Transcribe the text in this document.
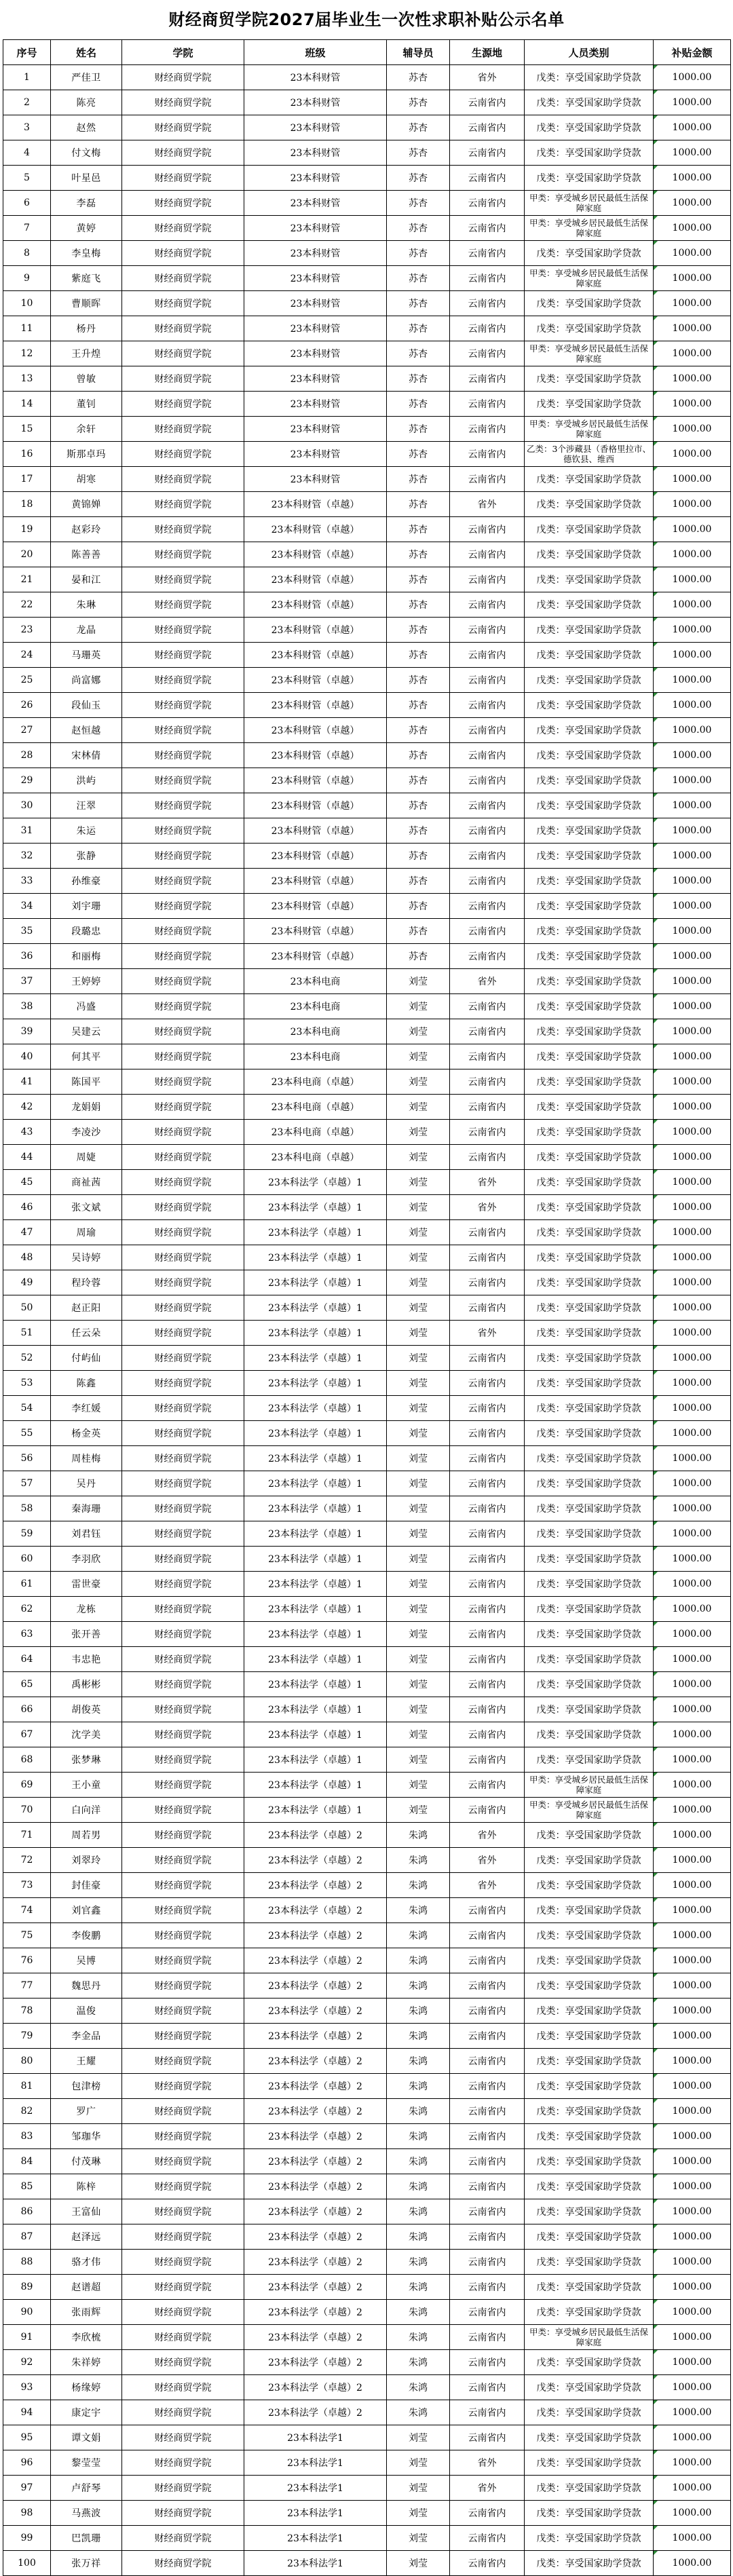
财经商贸学院2027届毕业生一次性求职补贴公示名单
序号	姓名	学院	班级	辅导员	生源地	人员类别	补贴金额
1	严佳卫	财经商贸学院	23本科财管	苏杏	省外	戊类：享受国家助学贷款	1000.00
2	陈亮	财经商贸学院	23本科财管	苏杏	云南省内	戊类：享受国家助学贷款	1000.00
3	赵然	财经商贸学院	23本科财管	苏杏	云南省内	戊类：享受国家助学贷款	1000.00
4	付文梅	财经商贸学院	23本科财管	苏杏	云南省内	戊类：享受国家助学贷款	1000.00
5	叶星邑	财经商贸学院	23本科财管	苏杏	云南省内	戊类：享受国家助学贷款	1000.00
6	李磊	财经商贸学院	23本科财管	苏杏	云南省内	甲类：享受城乡居民最低生活保障家庭	1000.00
7	黄婷	财经商贸学院	23本科财管	苏杏	云南省内	甲类：享受城乡居民最低生活保障家庭	1000.00
8	李皇梅	财经商贸学院	23本科财管	苏杏	云南省内	戊类：享受国家助学贷款	1000.00
9	紫庭飞	财经商贸学院	23本科财管	苏杏	云南省内	甲类：享受城乡居民最低生活保障家庭	1000.00
10	曹顺晖	财经商贸学院	23本科财管	苏杏	云南省内	戊类：享受国家助学贷款	1000.00
11	杨丹	财经商贸学院	23本科财管	苏杏	云南省内	戊类：享受国家助学贷款	1000.00
12	王升煌	财经商贸学院	23本科财管	苏杏	云南省内	甲类：享受城乡居民最低生活保障家庭	1000.00
13	曾敏	财经商贸学院	23本科财管	苏杏	云南省内	戊类：享受国家助学贷款	1000.00
14	董钊	财经商贸学院	23本科财管	苏杏	云南省内	戊类：享受国家助学贷款	1000.00
15	余轩	财经商贸学院	23本科财管	苏杏	云南省内	甲类：享受城乡居民最低生活保障家庭	1000.00
16	斯那卓玛	财经商贸学院	23本科财管	苏杏	云南省内	乙类：3个涉藏县（香格里拉市、德钦县、维西	1000.00
17	胡寒	财经商贸学院	23本科财管	苏杏	云南省内	戊类：享受国家助学贷款	1000.00
18	黄锦婵	财经商贸学院	23本科财管（卓越）	苏杏	省外	戊类：享受国家助学贷款	1000.00
19	赵彩玲	财经商贸学院	23本科财管（卓越）	苏杏	云南省内	戊类：享受国家助学贷款	1000.00
20	陈善善	财经商贸学院	23本科财管（卓越）	苏杏	云南省内	戊类：享受国家助学贷款	1000.00
21	晏和江	财经商贸学院	23本科财管（卓越）	苏杏	云南省内	戊类：享受国家助学贷款	1000.00
22	朱琳	财经商贸学院	23本科财管（卓越）	苏杏	云南省内	戊类：享受国家助学贷款	1000.00
23	龙晶	财经商贸学院	23本科财管（卓越）	苏杏	云南省内	戊类：享受国家助学贷款	1000.00
24	马珊英	财经商贸学院	23本科财管（卓越）	苏杏	云南省内	戊类：享受国家助学贷款	1000.00
25	尚富娜	财经商贸学院	23本科财管（卓越）	苏杏	云南省内	戊类：享受国家助学贷款	1000.00
26	段仙玉	财经商贸学院	23本科财管（卓越）	苏杏	云南省内	戊类：享受国家助学贷款	1000.00
27	赵恒越	财经商贸学院	23本科财管（卓越）	苏杏	云南省内	戊类：享受国家助学贷款	1000.00
28	宋林倩	财经商贸学院	23本科财管（卓越）	苏杏	云南省内	戊类：享受国家助学贷款	1000.00
29	洪屿	财经商贸学院	23本科财管（卓越）	苏杏	云南省内	戊类：享受国家助学贷款	1000.00
30	汪翠	财经商贸学院	23本科财管（卓越）	苏杏	云南省内	戊类：享受国家助学贷款	1000.00
31	朱运	财经商贸学院	23本科财管（卓越）	苏杏	云南省内	戊类：享受国家助学贷款	1000.00
32	张静	财经商贸学院	23本科财管（卓越）	苏杏	云南省内	戊类：享受国家助学贷款	1000.00
33	孙维豪	财经商贸学院	23本科财管（卓越）	苏杏	云南省内	戊类：享受国家助学贷款	1000.00
34	刘宇珊	财经商贸学院	23本科财管（卓越）	苏杏	云南省内	戊类：享受国家助学贷款	1000.00
35	段璐忠	财经商贸学院	23本科财管（卓越）	苏杏	云南省内	戊类：享受国家助学贷款	1000.00
36	和丽梅	财经商贸学院	23本科财管（卓越）	苏杏	云南省内	戊类：享受国家助学贷款	1000.00
37	王婷婷	财经商贸学院	23本科电商	刘莹	省外	戊类：享受国家助学贷款	1000.00
38	冯盛	财经商贸学院	23本科电商	刘莹	云南省内	戊类：享受国家助学贷款	1000.00
39	吴建云	财经商贸学院	23本科电商	刘莹	云南省内	戊类：享受国家助学贷款	1000.00
40	何其平	财经商贸学院	23本科电商	刘莹	云南省内	戊类：享受国家助学贷款	1000.00
41	陈国平	财经商贸学院	23本科电商（卓越）	刘莹	云南省内	戊类：享受国家助学贷款	1000.00
42	龙娟娟	财经商贸学院	23本科电商（卓越）	刘莹	云南省内	戊类：享受国家助学贷款	1000.00
43	李凌沙	财经商贸学院	23本科电商（卓越）	刘莹	云南省内	戊类：享受国家助学贷款	1000.00
44	周婕	财经商贸学院	23本科电商（卓越）	刘莹	云南省内	戊类：享受国家助学贷款	1000.00
45	商祉茜	财经商贸学院	23本科法学（卓越）1	刘莹	省外	戊类：享受国家助学贷款	1000.00
46	张文斌	财经商贸学院	23本科法学（卓越）1	刘莹	省外	戊类：享受国家助学贷款	1000.00
47	周瑜	财经商贸学院	23本科法学（卓越）1	刘莹	云南省内	戊类：享受国家助学贷款	1000.00
48	吴诗婷	财经商贸学院	23本科法学（卓越）1	刘莹	云南省内	戊类：享受国家助学贷款	1000.00
49	程玲蓉	财经商贸学院	23本科法学（卓越）1	刘莹	云南省内	戊类：享受国家助学贷款	1000.00
50	赵正阳	财经商贸学院	23本科法学（卓越）1	刘莹	云南省内	戊类：享受国家助学贷款	1000.00
51	任云朵	财经商贸学院	23本科法学（卓越）1	刘莹	省外	戊类：享受国家助学贷款	1000.00
52	付屿仙	财经商贸学院	23本科法学（卓越）1	刘莹	云南省内	戊类：享受国家助学贷款	1000.00
53	陈鑫	财经商贸学院	23本科法学（卓越）1	刘莹	云南省内	戊类：享受国家助学贷款	1000.00
54	李红媛	财经商贸学院	23本科法学（卓越）1	刘莹	云南省内	戊类：享受国家助学贷款	1000.00
55	杨金英	财经商贸学院	23本科法学（卓越）1	刘莹	云南省内	戊类：享受国家助学贷款	1000.00
56	周桂梅	财经商贸学院	23本科法学（卓越）1	刘莹	云南省内	戊类：享受国家助学贷款	1000.00
57	吴丹	财经商贸学院	23本科法学（卓越）1	刘莹	云南省内	戊类：享受国家助学贷款	1000.00
58	秦海珊	财经商贸学院	23本科法学（卓越）1	刘莹	云南省内	戊类：享受国家助学贷款	1000.00
59	刘君钰	财经商贸学院	23本科法学（卓越）1	刘莹	云南省内	戊类：享受国家助学贷款	1000.00
60	李羽欣	财经商贸学院	23本科法学（卓越）1	刘莹	云南省内	戊类：享受国家助学贷款	1000.00
61	雷世豪	财经商贸学院	23本科法学（卓越）1	刘莹	云南省内	戊类：享受国家助学贷款	1000.00
62	龙栋	财经商贸学院	23本科法学（卓越）1	刘莹	云南省内	戊类：享受国家助学贷款	1000.00
63	张开善	财经商贸学院	23本科法学（卓越）1	刘莹	云南省内	戊类：享受国家助学贷款	1000.00
64	韦忠艳	财经商贸学院	23本科法学（卓越）1	刘莹	云南省内	戊类：享受国家助学贷款	1000.00
65	禹彬彬	财经商贸学院	23本科法学（卓越）1	刘莹	云南省内	戊类：享受国家助学贷款	1000.00
66	胡俊英	财经商贸学院	23本科法学（卓越）1	刘莹	云南省内	戊类：享受国家助学贷款	1000.00
67	沈学美	财经商贸学院	23本科法学（卓越）1	刘莹	云南省内	戊类：享受国家助学贷款	1000.00
68	张梦琳	财经商贸学院	23本科法学（卓越）1	刘莹	云南省内	戊类：享受国家助学贷款	1000.00
69	王小童	财经商贸学院	23本科法学（卓越）1	刘莹	云南省内	甲类：享受城乡居民最低生活保障家庭	1000.00
70	白向洋	财经商贸学院	23本科法学（卓越）1	刘莹	云南省内	甲类：享受城乡居民最低生活保障家庭	1000.00
71	周若男	财经商贸学院	23本科法学（卓越）2	朱鸿	省外	戊类：享受国家助学贷款	1000.00
72	刘翠玲	财经商贸学院	23本科法学（卓越）2	朱鸿	省外	戊类：享受国家助学贷款	1000.00
73	封佳豪	财经商贸学院	23本科法学（卓越）2	朱鸿	省外	戊类：享受国家助学贷款	1000.00
74	刘官鑫	财经商贸学院	23本科法学（卓越）2	朱鸿	云南省内	戊类：享受国家助学贷款	1000.00
75	李俊鹏	财经商贸学院	23本科法学（卓越）2	朱鸿	云南省内	戊类：享受国家助学贷款	1000.00
76	吴博	财经商贸学院	23本科法学（卓越）2	朱鸿	云南省内	戊类：享受国家助学贷款	1000.00
77	魏思丹	财经商贸学院	23本科法学（卓越）2	朱鸿	云南省内	戊类：享受国家助学贷款	1000.00
78	温俊	财经商贸学院	23本科法学（卓越）2	朱鸿	云南省内	戊类：享受国家助学贷款	1000.00
79	李金品	财经商贸学院	23本科法学（卓越）2	朱鸿	云南省内	戊类：享受国家助学贷款	1000.00
80	王耀	财经商贸学院	23本科法学（卓越）2	朱鸿	云南省内	戊类：享受国家助学贷款	1000.00
81	包津榜	财经商贸学院	23本科法学（卓越）2	朱鸿	云南省内	戊类：享受国家助学贷款	1000.00
82	罗广	财经商贸学院	23本科法学（卓越）2	朱鸿	云南省内	戊类：享受国家助学贷款	1000.00
83	邹珈华	财经商贸学院	23本科法学（卓越）2	朱鸿	云南省内	戊类：享受国家助学贷款	1000.00
84	付茂琳	财经商贸学院	23本科法学（卓越）2	朱鸿	云南省内	戊类：享受国家助学贷款	1000.00
85	陈梓	财经商贸学院	23本科法学（卓越）2	朱鸿	云南省内	戊类：享受国家助学贷款	1000.00
86	王富仙	财经商贸学院	23本科法学（卓越）2	朱鸿	云南省内	戊类：享受国家助学贷款	1000.00
87	赵泽远	财经商贸学院	23本科法学（卓越）2	朱鸿	云南省内	戊类：享受国家助学贷款	1000.00
88	骆才伟	财经商贸学院	23本科法学（卓越）2	朱鸿	云南省内	戊类：享受国家助学贷款	1000.00
89	赵谱超	财经商贸学院	23本科法学（卓越）2	朱鸿	云南省内	戊类：享受国家助学贷款	1000.00
90	张雨辉	财经商贸学院	23本科法学（卓越）2	朱鸿	云南省内	戊类：享受国家助学贷款	1000.00
91	李欣梳	财经商贸学院	23本科法学（卓越）2	朱鸿	云南省内	甲类：享受城乡居民最低生活保障家庭	1000.00
92	朱祥婷	财经商贸学院	23本科法学（卓越）2	朱鸿	云南省内	戊类：享受国家助学贷款	1000.00
93	杨缘婷	财经商贸学院	23本科法学（卓越）2	朱鸿	云南省内	戊类：享受国家助学贷款	1000.00
94	康定宇	财经商贸学院	23本科法学（卓越）2	朱鸿	云南省内	戊类：享受国家助学贷款	1000.00
95	谭文娟	财经商贸学院	23本科法学1	刘莹	云南省内	戊类：享受国家助学贷款	1000.00
96	黎莹莹	财经商贸学院	23本科法学1	刘莹	省外	戊类：享受国家助学贷款	1000.00
97	卢舒琴	财经商贸学院	23本科法学1	刘莹	省外	戊类：享受国家助学贷款	1000.00
98	马燕波	财经商贸学院	23本科法学1	刘莹	云南省内	戊类：享受国家助学贷款	1000.00
99	巴凯珊	财经商贸学院	23本科法学1	刘莹	云南省内	戊类：享受国家助学贷款	1000.00
100	张万祥	财经商贸学院	23本科法学1	刘莹	云南省内	戊类：享受国家助学贷款	1000.00
